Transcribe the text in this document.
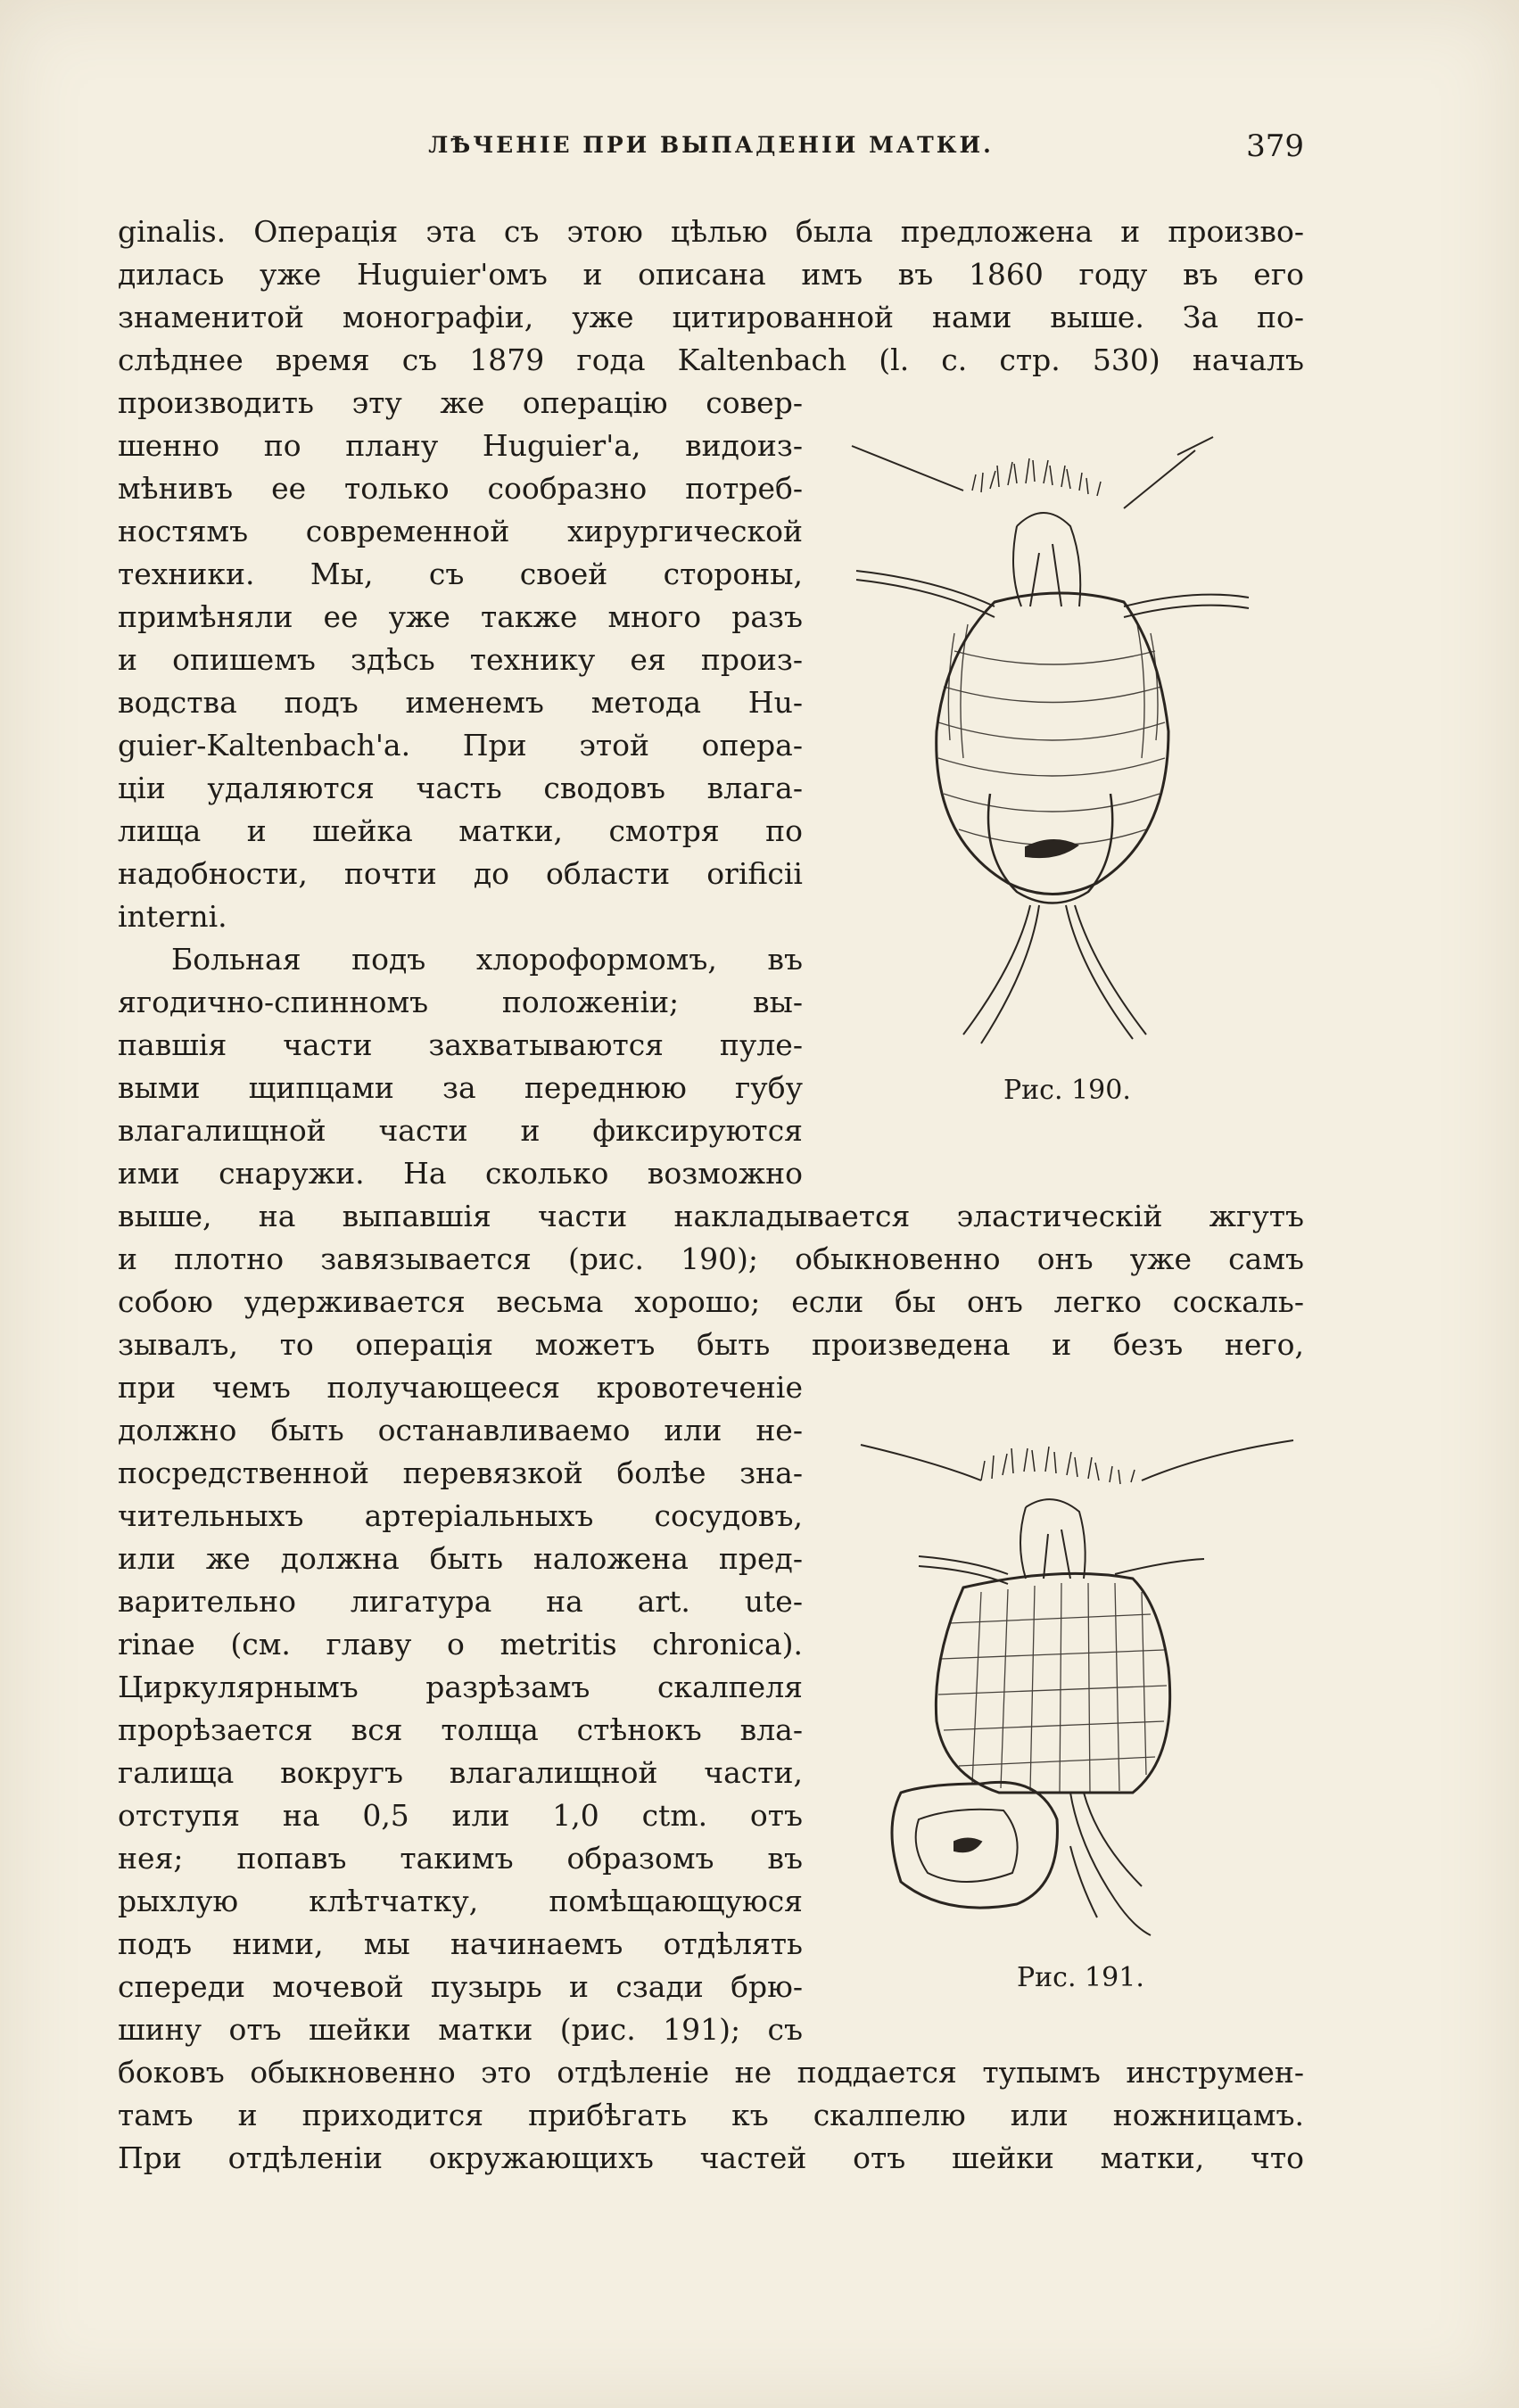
ЛѢЧЕНІЕ ПРИ ВЫПАДЕНІИ МАТКИ.	379
ginalis. Операція эта съ этою цѣлью была предложена и произво-
дилась уже Huguier'омъ и описана имъ въ 1860 году въ его
знаменитой монографіи, уже цитированной нами выше. За по-
слѣднее время съ 1879 года Kaltenbach (l. c. стр. 530) началъ
производить эту же операцію совер-
шенно по плану Huguier'a, видоиз-
мѣнивъ ее только сообразно потреб-
ностямъ современной хирургической
техники. Мы, съ своей стороны,
примѣняли ее уже также много разъ
и опишемъ здѣсь технику ея произ-
водства подъ именемъ метода Hu-
guier-Kaltenbach'a. При этой опера-
ціи удаляются часть сводовъ влага-
лища и шейка матки, смотря по
надобности, почти до области orificii
interni.
Больная подъ хлороформомъ, въ
ягодично-спинномъ положеніи; вы-
павшія части захватываются пуле-
выми щипцами за переднюю губу
влагалищной части и фиксируются
ими снаружи. На сколько возможно
выше, на выпавшія части накладывается эластическій жгутъ
и плотно завязывается (рис. 190); обыкновенно онъ уже самъ
собою удерживается весьма хорошо; если бы онъ легко соскаль-
зывалъ, то операція можетъ быть произведена и безъ него,
при чемъ получающееся кровотеченіе
должно быть останавливаемо или не-
посредственной перевязкой болѣе зна-
чительныхъ артеріальныхъ сосудовъ,
или же должна быть наложена пред-
варительно лигатура на art. ute-
rinae (см. главу о metritis chronica).
Циркулярнымъ разрѣзамъ скалпеля
прорѣзается вся толща стѣнокъ вла-
галища вокругъ влагалищной части,
отступя на 0,5 или 1,0 ctm. отъ
нея; попавъ такимъ образомъ въ
рыхлую клѣтчатку, помѣщающуюся
подъ ними, мы начинаемъ отдѣлять
спереди мочевой пузырь и сзади брю-
шину отъ шейки матки (рис. 191); съ
боковъ обыкновенно это отдѣленіе не поддается тупымъ инструмен-
тамъ и приходится прибѣгать къ скалпелю или ножницамъ.
При отдѣленіи окружающихъ частей отъ шейки матки, что
Рис. 190.
Рис. 191.
